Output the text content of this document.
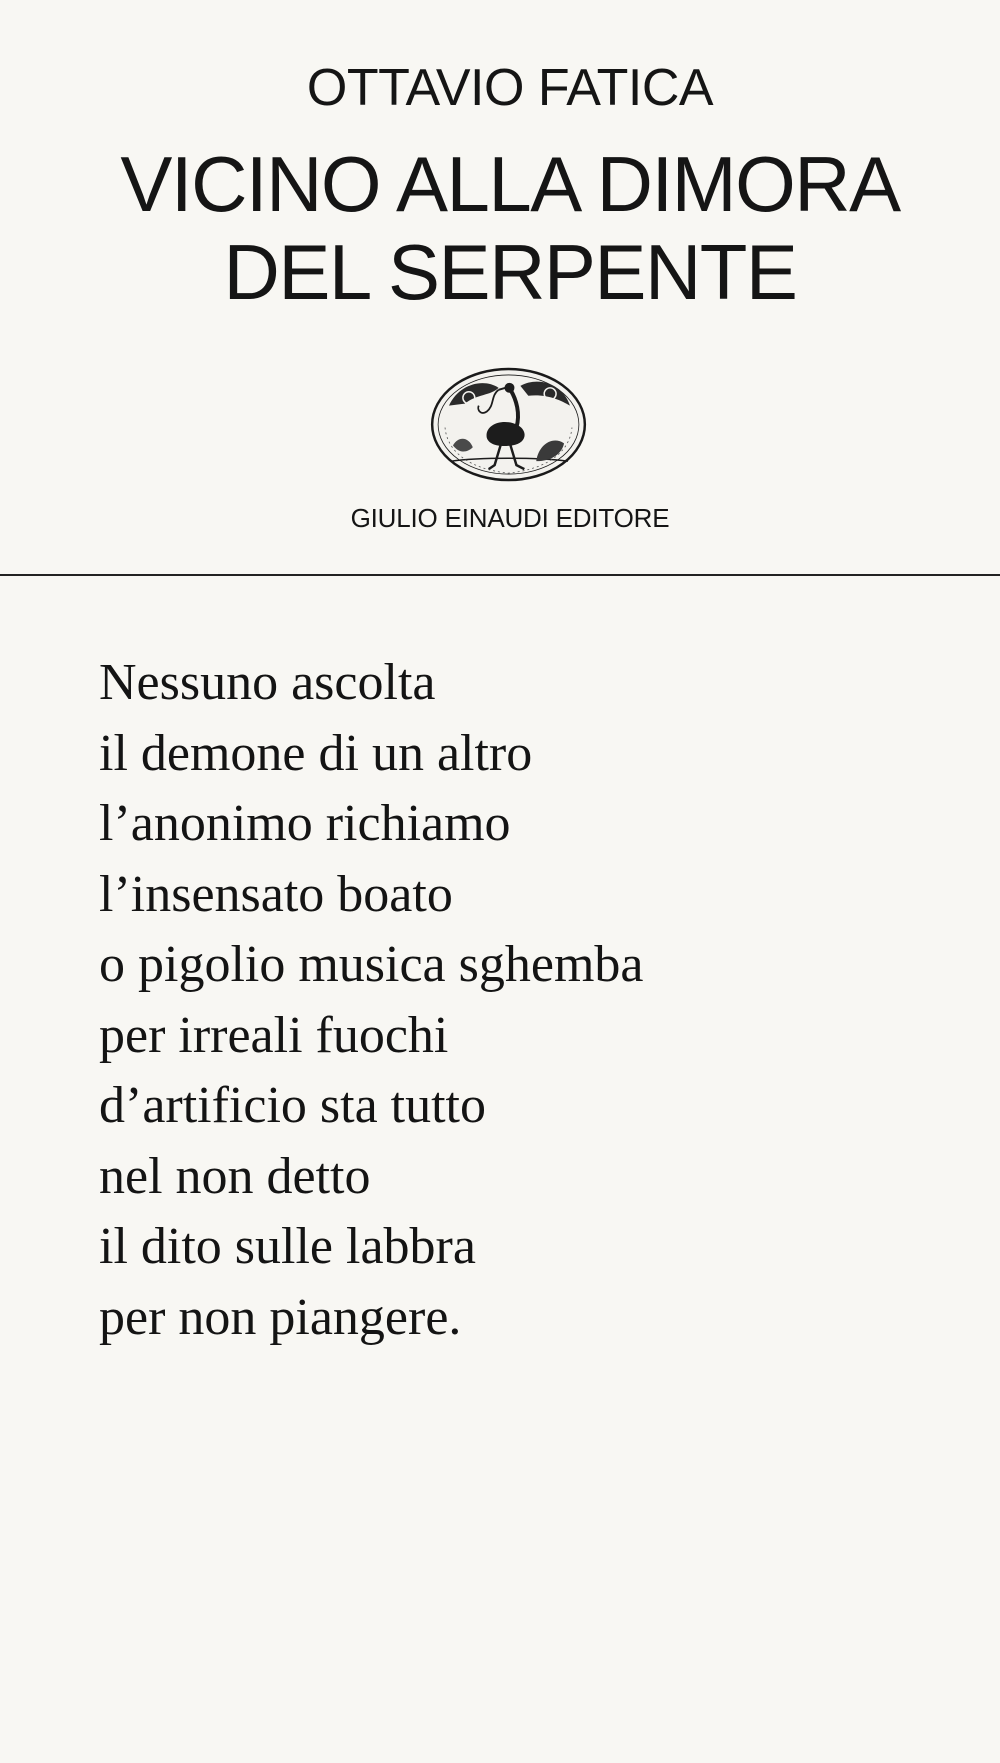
OTTAVIO FATICA
VICINO ALLA DIMORA
DEL SERPENTE
GIULIO EINAUDI EDITORE
Nessuno ascolta
il demone di un altro
l’anonimo richiamo
l’insensato boato
o pigolio musica sghemba
per irreali fuochi
d’artificio sta tutto
nel non detto
il dito sulle labbra
per non piangere.
